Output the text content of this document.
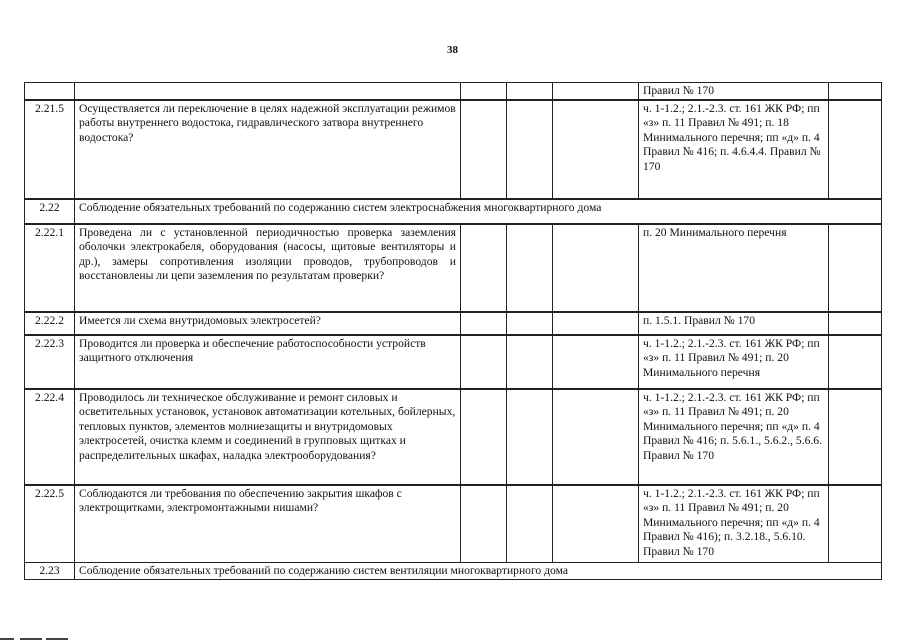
38
					Правил № 170	
2.21.5	Осуществляется ли переключение в целях надежной эксплуатации режимов работы внутреннего водостока, гидравлического затвора внутреннего водостока?				ч. 1-1.2.; 2.1.-2.3. ст. 161 ЖК РФ; пп «з» п. 11 Правил № 491; п. 18 Минимального перечня; пп «д» п. 4 Правил № 416; п. 4.6.4.4. Правил № 170	
2.22	Соблюдение обязательных требований по содержанию систем электроснабжения многоквартирного дома					
2.22.1	Проведена ли с установленной периодичностью проверка заземления оболочки электрокабеля, оборудования (насосы, щитовые вентиляторы и др.), замеры сопротивления изоляции проводов, трубопроводов и восстановлены ли цепи заземления по результатам проверки?				п. 20 Минимального перечня	
2.22.2	Имеется ли схема внутридомовых электросетей?				п. 1.5.1. Правил № 170	
2.22.3	Проводится ли проверка и обеспечение работоспособности устройств защитного отключения				ч. 1-1.2.; 2.1.-2.3. ст. 161 ЖК РФ; пп «з» п. 11 Правил № 491; п. 20 Минимального перечня	
2.22.4	Проводилось ли техническое обслуживание и ремонт силовых и осветительных установок, установок автоматизации котельных, бойлерных, тепловых пунктов, элементов молниезащиты и внутридомовых электросетей, очистка клемм и соединений в групповых щитках и распределительных шкафах, наладка электрооборудования?				ч. 1-1.2.; 2.1.-2.3. ст. 161 ЖК РФ; пп «з» п. 11 Правил № 491; п. 20 Минимального перечня; пп «д» п. 4 Правил № 416; п. 5.6.1., 5.6.2., 5.6.6. Правил № 170	
2.22.5	Соблюдаются ли требования по обеспечению закрытия шкафов с электрощитками, электромонтажными нишами?				ч. 1-1.2.; 2.1.-2.3. ст. 161 ЖК РФ; пп «з» п. 11 Правил № 491; п. 20 Минимального перечня; пп «д» п. 4 Правил № 416); п. 3.2.18., 5.6.10. Правил № 170	
2.23	Соблюдение обязательных требований по содержанию систем вентиляции многоквартирного дома					
